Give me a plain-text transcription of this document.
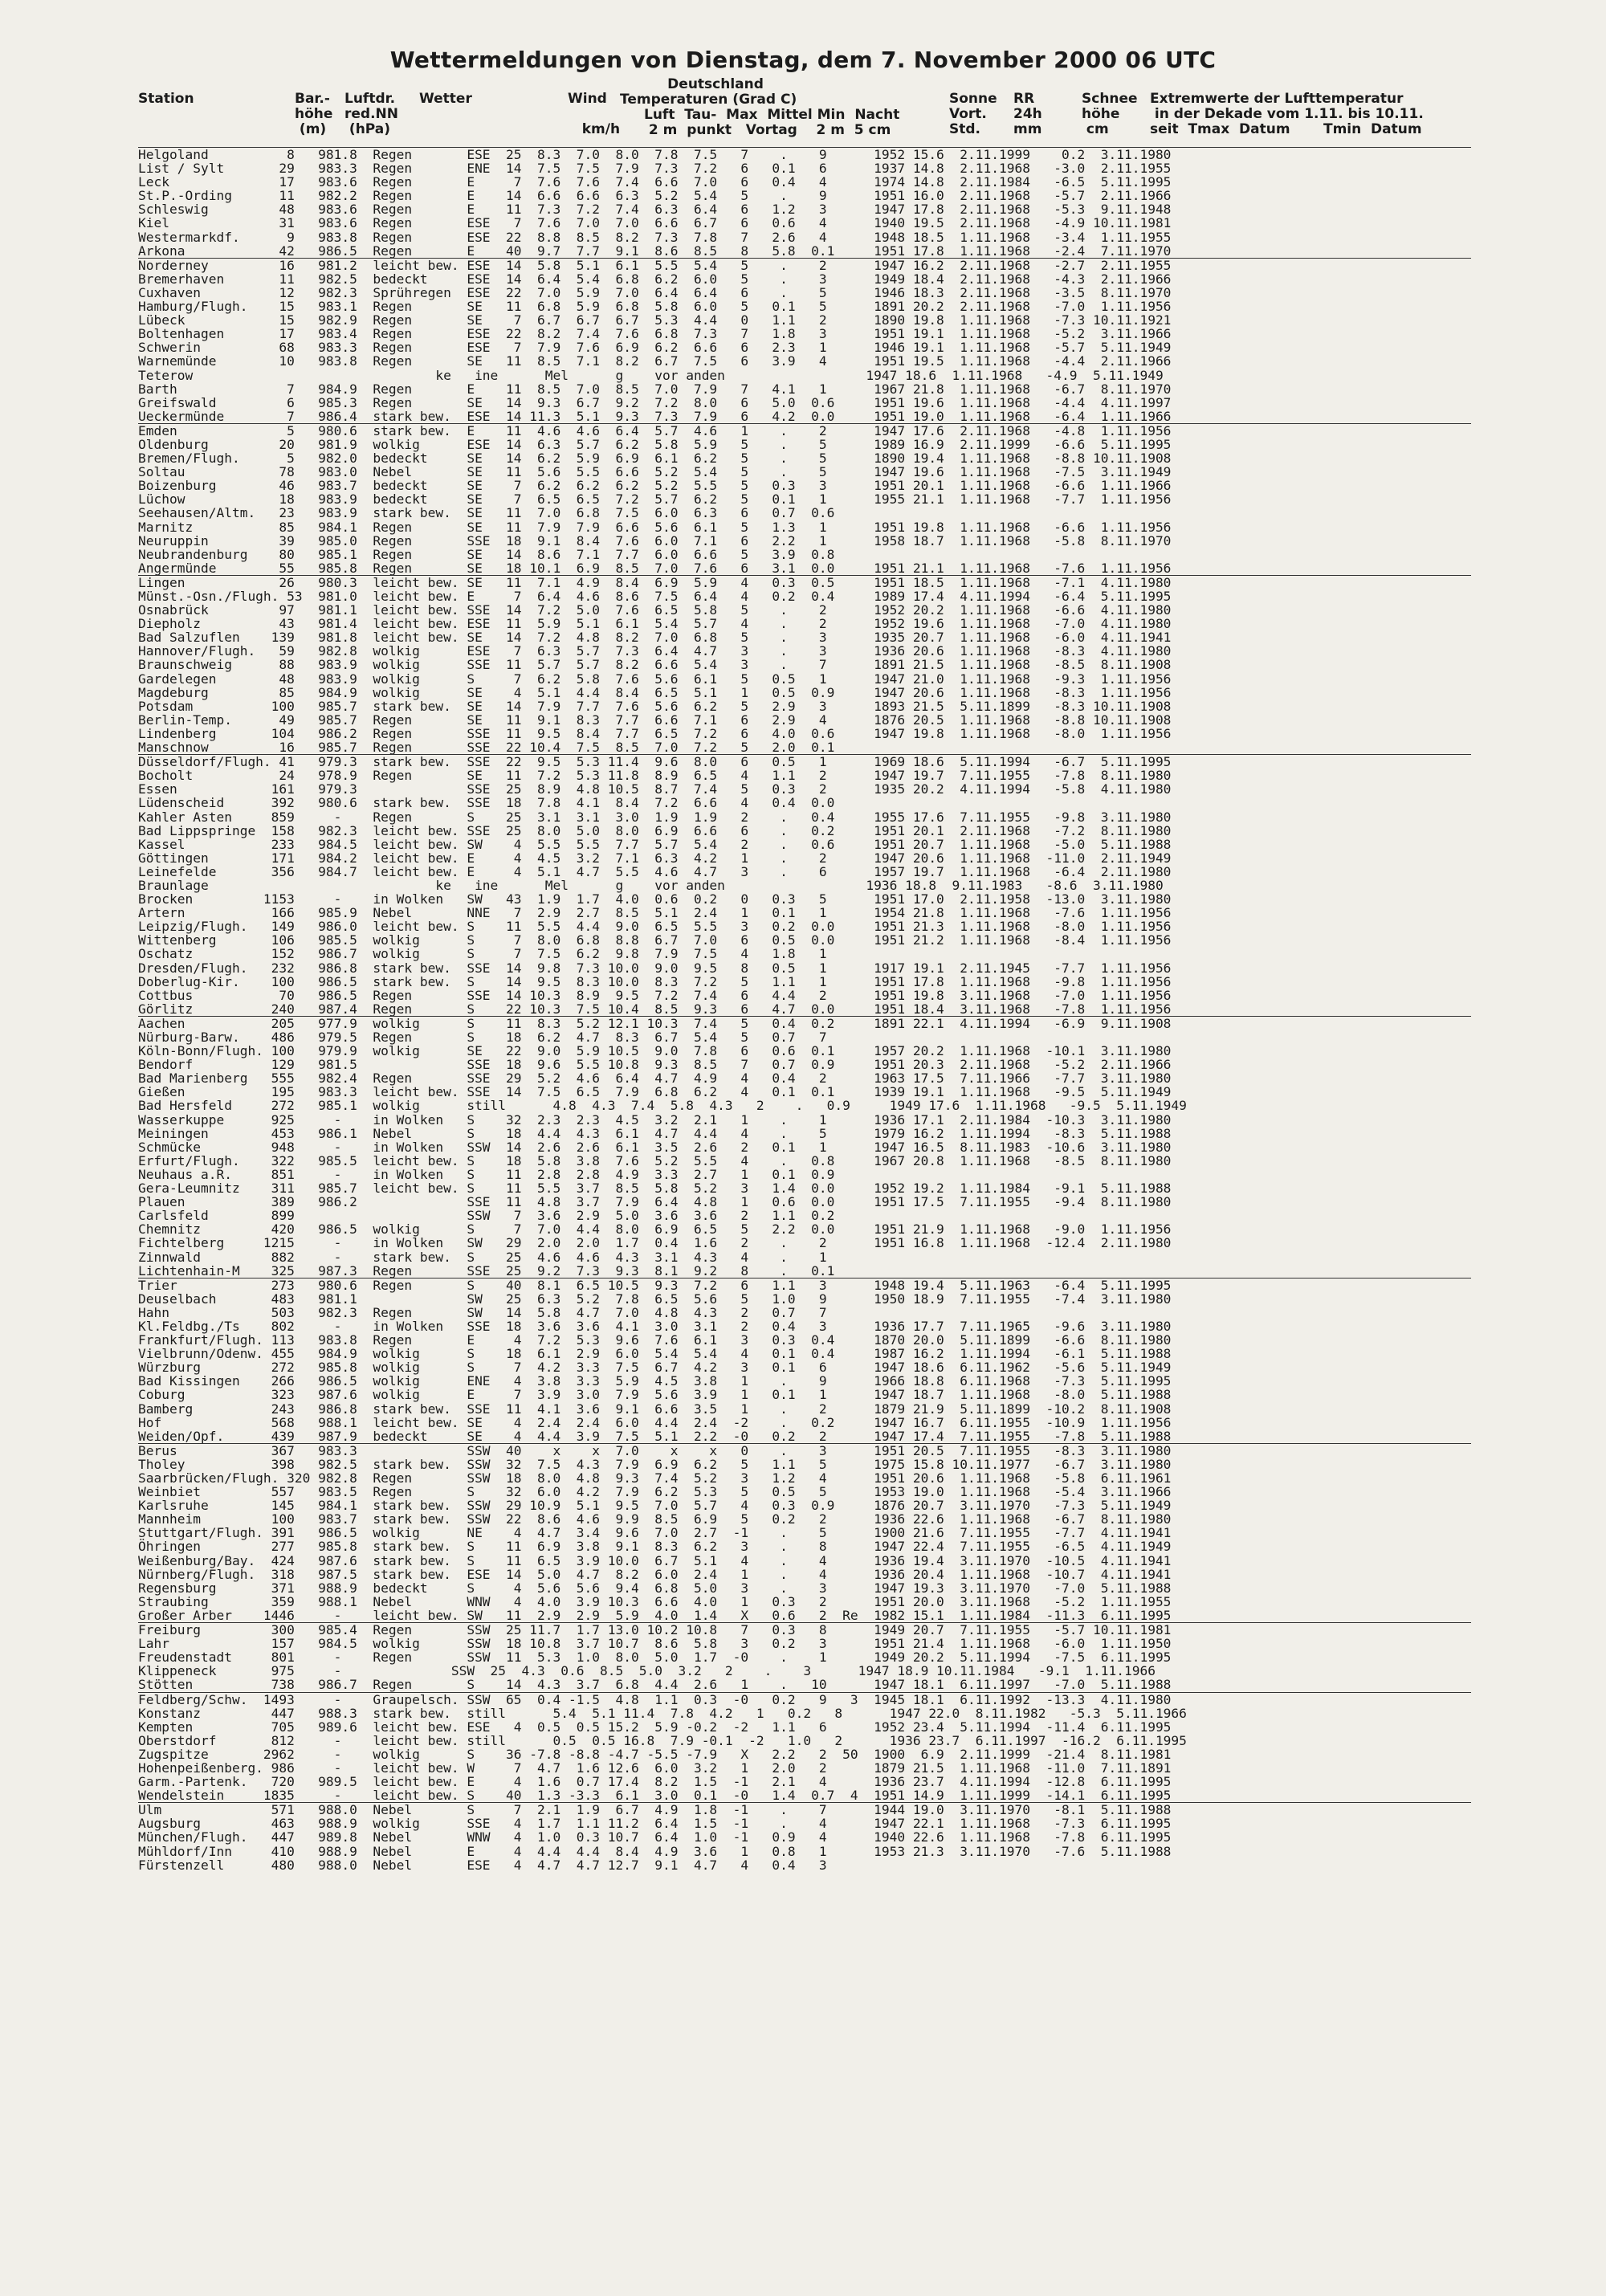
Wettermeldungen von Dienstag, dem 7. November 2000 06 UTC
Station	Bar.-
höhe
(m)
Luftdr.
red.NN
(hPa)
Wetter	Wind

km/h
Deutschland
Temperaturen (Grad C)
Luft  Tau-  Max  Mittel Min  Nacht
2 m  punkt   Vortag    2 m  5 cm
Sonne
Vort.
Std.
RR
24h
mm
Schnee
höhe
cm
Extremwerte der Lufttemperatur
in der Dekade vom 1.11. bis 10.11.
seit  Tmax  Datum       Tmin  Datum
Helgoland          8   981.8  Regen       ESE  25  8.3  7.0  8.0  7.8  7.5   7    .    9      1952 15.6  2.11.1999    0.2  3.11.1980
List / Sylt       29   983.3  Regen       ENE  14  7.5  7.5  7.9  7.3  7.2   6   0.1   6      1937 14.8  2.11.1968   -3.0  2.11.1955
Leck              17   983.6  Regen       E     7  7.6  7.6  7.4  6.6  7.0   6   0.4   4      1974 14.8  2.11.1984   -6.5  5.11.1995
St.P.-Ording      11   982.2  Regen       E    14  6.6  6.6  6.3  5.2  5.4   5    .    9      1951 16.0  2.11.1968   -5.7  2.11.1966
Schleswig         48   983.6  Regen       E    11  7.3  7.2  7.4  6.3  6.4   6   1.2   3      1947 17.8  2.11.1968   -5.3  9.11.1948
Kiel              31   983.6  Regen       ESE   7  7.6  7.0  7.0  6.6  6.7   6   0.6   4      1940 19.5  2.11.1968   -4.9 10.11.1981
Westermarkdf.      9   983.8  Regen       ESE  22  8.8  8.5  8.2  7.3  7.8   7   2.6   4      1948 18.5  1.11.1968   -3.4  1.11.1955
Arkona            42   986.5  Regen       E    40  9.7  7.7  9.1  8.6  8.5   8   5.8  0.1     1951 17.8  1.11.1968   -2.4  7.11.1970
Norderney         16   981.2  leicht bew. ESE  14  5.8  5.1  6.1  5.5  5.4   5    .    2      1947 16.2  2.11.1968   -2.7  2.11.1955
Bremerhaven       11   982.5  bedeckt     ESE  14  6.4  5.4  6.8  6.2  6.0   5    .    3      1949 18.4  2.11.1968   -4.3  2.11.1966
Cuxhaven          12   982.3  Sprühregen  ESE  22  7.0  5.9  7.0  6.4  6.4   6    .    5      1946 18.3  2.11.1968   -3.5  8.11.1970
Hamburg/Flugh.    15   983.1  Regen       SE   11  6.8  5.9  6.8  5.8  6.0   5   0.1   5      1891 20.2  2.11.1968   -7.0  1.11.1956
Lübeck            15   982.9  Regen       SE    7  6.7  6.7  6.7  5.3  4.4   0   1.1   2      1890 19.8  1.11.1968   -7.3 10.11.1921
Boltenhagen       17   983.4  Regen       ESE  22  8.2  7.4  7.6  6.8  7.3   7   1.8   3      1951 19.1  1.11.1968   -5.2  3.11.1966
Schwerin          68   983.3  Regen       ESE   7  7.9  7.6  6.9  6.2  6.6   6   2.3   1      1946 19.1  1.11.1968   -5.7  5.11.1949
Warnemünde        10   983.8  Regen       SE   11  8.5  7.1  8.2  6.7  7.5   6   3.9   4      1951 19.5  1.11.1968   -4.4  2.11.1966
Teterow                               ke   ine      Mel      g    vor anden                  1947 18.6  1.11.1968   -4.9  5.11.1949
Barth              7   984.9  Regen       E    11  8.5  7.0  8.5  7.0  7.9   7   4.1   1      1967 21.8  1.11.1968   -6.7  8.11.1970
Greifswald         6   985.3  Regen       SE   14  9.3  6.7  9.2  7.2  8.0   6   5.0  0.6     1951 19.6  1.11.1968   -4.4  4.11.1997
Ueckermünde        7   986.4  stark bew.  ESE  14 11.3  5.1  9.3  7.3  7.9   6   4.2  0.0     1951 19.0  1.11.1968   -6.4  1.11.1966
Emden              5   980.6  stark bew.  E    11  4.6  4.6  6.4  5.7  4.6   1    .    2      1947 17.6  2.11.1968   -4.8  1.11.1956
Oldenburg         20   981.9  wolkig      ESE  14  6.3  5.7  6.2  5.8  5.9   5    .    5      1989 16.9  2.11.1999   -6.6  5.11.1995
Bremen/Flugh.      5   982.0  bedeckt     SE   14  6.2  5.9  6.9  6.1  6.2   5    .    5      1890 19.4  1.11.1968   -8.8 10.11.1908
Soltau            78   983.0  Nebel       SE   11  5.6  5.5  6.6  5.2  5.4   5    .    5      1947 19.6  1.11.1968   -7.5  3.11.1949
Boizenburg        46   983.7  bedeckt     SE    7  6.2  6.2  6.2  5.2  5.5   5   0.3   3      1951 20.1  1.11.1968   -6.6  1.11.1966
Lüchow            18   983.9  bedeckt     SE    7  6.5  6.5  7.2  5.7  6.2   5   0.1   1      1955 21.1  1.11.1968   -7.7  1.11.1956
Seehausen/Altm.   23   983.9  stark bew.  SE   11  7.0  6.8  7.5  6.0  6.3   6   0.7  0.6
Marnitz           85   984.1  Regen       SE   11  7.9  7.9  6.6  5.6  6.1   5   1.3   1      1951 19.8  1.11.1968   -6.6  1.11.1956
Neuruppin         39   985.0  Regen       SSE  18  9.1  8.4  7.6  6.0  7.1   6   2.2   1      1958 18.7  1.11.1968   -5.8  8.11.1970
Neubrandenburg    80   985.1  Regen       SE   14  8.6  7.1  7.7  6.0  6.6   5   3.9  0.8
Angermünde        55   985.8  Regen       SE   18 10.1  6.9  8.5  7.0  7.6   6   3.1  0.0     1951 21.1  1.11.1968   -7.6  1.11.1956
Lingen            26   980.3  leicht bew. SE   11  7.1  4.9  8.4  6.9  5.9   4   0.3  0.5     1951 18.5  1.11.1968   -7.1  4.11.1980
Münst.-Osn./Flugh. 53  981.0  leicht bew. E     7  6.4  4.6  8.6  7.5  6.4   4   0.2  0.4     1989 17.4  4.11.1994   -6.4  5.11.1995
Osnabrück         97   981.1  leicht bew. SSE  14  7.2  5.0  7.6  6.5  5.8   5    .    2      1952 20.2  1.11.1968   -6.6  4.11.1980
Diepholz          43   981.4  leicht bew. ESE  11  5.9  5.1  6.1  5.4  5.7   4    .    2      1952 19.6  1.11.1968   -7.0  4.11.1980
Bad Salzuflen    139   981.8  leicht bew. SE   14  7.2  4.8  8.2  7.0  6.8   5    .    3      1935 20.7  1.11.1968   -6.0  4.11.1941
Hannover/Flugh.   59   982.8  wolkig      ESE   7  6.3  5.7  7.3  6.4  4.7   3    .    3      1936 20.6  1.11.1968   -8.3  4.11.1980
Braunschweig      88   983.9  wolkig      SSE  11  5.7  5.7  8.2  6.6  5.4   3    .    7      1891 21.5  1.11.1968   -8.5  8.11.1908
Gardelegen        48   983.9  wolkig      S     7  6.2  5.8  7.6  5.6  6.1   5   0.5   1      1947 21.0  1.11.1968   -9.3  1.11.1956
Magdeburg         85   984.9  wolkig      SE    4  5.1  4.4  8.4  6.5  5.1   1   0.5  0.9     1947 20.6  1.11.1968   -8.3  1.11.1956
Potsdam          100   985.7  stark bew.  SE   14  7.9  7.7  7.6  5.6  6.2   5   2.9   3      1893 21.5  5.11.1899   -8.3 10.11.1908
Berlin-Temp.      49   985.7  Regen       SE   11  9.1  8.3  7.7  6.6  7.1   6   2.9   4      1876 20.5  1.11.1968   -8.8 10.11.1908
Lindenberg       104   986.2  Regen       SSE  11  9.5  8.4  7.7  6.5  7.2   6   4.0  0.6     1947 19.8  1.11.1968   -8.0  1.11.1956
Manschnow         16   985.7  Regen       SSE  22 10.4  7.5  8.5  7.0  7.2   5   2.0  0.1
Düsseldorf/Flugh. 41   979.3  stark bew.  SSE  22  9.5  5.3 11.4  9.6  8.0   6   0.5   1      1969 18.6  5.11.1994   -6.7  5.11.1995
Bocholt           24   978.9  Regen       SE   11  7.2  5.3 11.8  8.9  6.5   4   1.1   2      1947 19.7  7.11.1955   -7.8  8.11.1980
Essen            161   979.3              SSE  25  8.9  4.8 10.5  8.7  7.4   5   0.3   2      1935 20.2  4.11.1994   -5.8  4.11.1980
Lüdenscheid      392   980.6  stark bew.  SSE  18  7.8  4.1  8.4  7.2  6.6   4   0.4  0.0
Kahler Asten     859     -    Regen       S    25  3.1  3.1  3.0  1.9  1.9   2    .   0.4     1955 17.6  7.11.1955   -9.8  3.11.1980
Bad Lippspringe  158   982.3  leicht bew. SSE  25  8.0  5.0  8.0  6.9  6.6   6    .   0.2     1951 20.1  2.11.1968   -7.2  8.11.1980
Kassel           233   984.5  leicht bew. SW    4  5.5  5.5  7.7  5.7  5.4   2    .   0.6     1951 20.7  1.11.1968   -5.0  5.11.1988
Göttingen        171   984.2  leicht bew. E     4  4.5  3.2  7.1  6.3  4.2   1    .    2      1947 20.6  1.11.1968  -11.0  2.11.1949
Leinefelde       356   984.7  leicht bew. E     4  5.1  4.7  5.5  4.6  4.7   3    .    6      1957 19.7  1.11.1968   -6.4  2.11.1980
Braunlage                             ke   ine      Mel      g    vor anden                  1936 18.8  9.11.1983   -8.6  3.11.1980
Brocken         1153     -    in Wolken   SW   43  1.9  1.7  4.0  0.6  0.2   0   0.3   5      1951 17.0  2.11.1958  -13.0  3.11.1980
Artern           166   985.9  Nebel       NNE   7  2.9  2.7  8.5  5.1  2.4   1   0.1   1      1954 21.8  1.11.1968   -7.6  1.11.1956
Leipzig/Flugh.   149   986.0  leicht bew. S    11  5.5  4.4  9.0  6.5  5.5   3   0.2  0.0     1951 21.3  1.11.1968   -8.0  1.11.1956
Wittenberg       106   985.5  wolkig      S     7  8.0  6.8  8.8  6.7  7.0   6   0.5  0.0     1951 21.2  1.11.1968   -8.4  1.11.1956
Oschatz          152   986.7  wolkig      S     7  7.5  6.2  9.8  7.9  7.5   4   1.8   1
Dresden/Flugh.   232   986.8  stark bew.  SSE  14  9.8  7.3 10.0  9.0  9.5   8   0.5   1      1917 19.1  2.11.1945   -7.7  1.11.1956
Doberlug-Kir.    100   986.5  stark bew.  S    14  9.5  8.3 10.0  8.3  7.2   5   1.1   1      1951 17.8  1.11.1968   -9.8  1.11.1956
Cottbus           70   986.5  Regen       SSE  14 10.3  8.9  9.5  7.2  7.4   6   4.4   2      1951 19.8  3.11.1968   -7.0  1.11.1956
Görlitz          240   987.4  Regen       S    22 10.3  7.5 10.4  8.5  9.3   6   4.7  0.0     1951 18.4  3.11.1968   -7.8  1.11.1956
Aachen           205   977.9  wolkig      S    11  8.3  5.2 12.1 10.3  7.4   5   0.4  0.2     1891 22.1  4.11.1994   -6.9  9.11.1908
Nürburg-Barw.    486   979.5  Regen       S    18  6.2  4.7  8.3  6.7  5.4   5   0.7   7
Köln-Bonn/Flugh. 100   979.9  wolkig      SE   22  9.0  5.9 10.5  9.0  7.8   6   0.6  0.1     1957 20.2  1.11.1968  -10.1  3.11.1980
Bendorf          129   981.5              SSE  18  9.6  5.5 10.8  9.3  8.5   7   0.7  0.9     1951 20.3  2.11.1968   -5.2  2.11.1966
Bad Marienberg   555   982.4  Regen       SSE  29  5.2  4.6  6.4  4.7  4.9   4   0.4   2      1963 17.5  7.11.1966   -7.7  3.11.1980
Gießen           195   983.3  leicht bew. SSE  14  7.5  6.5  7.9  6.8  6.2   4   0.1  0.1     1939 19.1  1.11.1968   -9.5  5.11.1949
Bad Hersfeld     272   985.1  wolkig      still      4.8  4.3  7.4  5.8  4.3   2    .   0.9     1949 17.6  1.11.1968   -9.5  5.11.1949
Wasserkuppe      925     -    in Wolken   S    32  2.3  2.3  4.5  3.2  2.1   1    .    1      1936 17.1  2.11.1984  -10.3  3.11.1980
Meiningen        453   986.1  Nebel       S    18  4.4  4.3  6.1  4.7  4.4   4    .    5      1979 16.2  1.11.1994   -8.3  5.11.1988
Schmücke         948     -    in Wolken   SSW  14  2.6  2.6  6.1  3.5  2.6   2   0.1   1      1947 16.5  8.11.1983  -10.6  3.11.1980
Erfurt/Flugh.    322   985.5  leicht bew. S    18  5.8  3.8  7.6  5.2  5.5   4    .   0.8     1967 20.8  1.11.1968   -8.5  8.11.1980
Neuhaus a.R.     851     -    in Wolken   S    11  2.8  2.8  4.9  3.3  2.7   1   0.1  0.9
Gera-Leumnitz    311   985.7  leicht bew. S    11  5.5  3.7  8.5  5.8  5.2   3   1.4  0.0     1952 19.2  1.11.1984   -9.1  5.11.1988
Plauen           389   986.2              SSE  11  4.8  3.7  7.9  6.4  4.8   1   0.6  0.0     1951 17.5  7.11.1955   -9.4  8.11.1980
Carlsfeld        899                      SSW   7  3.6  2.9  5.0  3.6  3.6   2   1.1  0.2
Chemnitz         420   986.5  wolkig      S     7  7.0  4.4  8.0  6.9  6.5   5   2.2  0.0     1951 21.9  1.11.1968   -9.0  1.11.1956
Fichtelberg     1215     -    in Wolken   SW   29  2.0  2.0  1.7  0.4  1.6   2    .    2      1951 16.8  1.11.1968  -12.4  2.11.1980
Zinnwald         882     -    stark bew.  S    25  4.6  4.6  4.3  3.1  4.3   4    .    1
Lichtenhain-M    325   987.3  Regen       SSE  25  9.2  7.3  9.3  8.1  9.2   8    .   0.1
Trier            273   980.6  Regen       S    40  8.1  6.5 10.5  9.3  7.2   6   1.1   3      1948 19.4  5.11.1963   -6.4  5.11.1995
Deuselbach       483   981.1              SW   25  6.3  5.2  7.8  6.5  5.6   5   1.0   9      1950 18.9  7.11.1955   -7.4  3.11.1980
Hahn             503   982.3  Regen       SW   14  5.8  4.7  7.0  4.8  4.3   2   0.7   7
Kl.Feldbg./Ts    802     -    in Wolken   SSE  18  3.6  3.6  4.1  3.0  3.1   2   0.4   3      1936 17.7  7.11.1965   -9.6  3.11.1980
Frankfurt/Flugh. 113   983.8  Regen       E     4  7.2  5.3  9.6  7.6  6.1   3   0.3  0.4     1870 20.0  5.11.1899   -6.6  8.11.1980
Vielbrunn/Odenw. 455   984.9  wolkig      S    18  6.1  2.9  6.0  5.4  5.4   4   0.1  0.4     1987 16.2  1.11.1994   -6.1  5.11.1988
Würzburg         272   985.8  wolkig      S     7  4.2  3.3  7.5  6.7  4.2   3   0.1   6      1947 18.6  6.11.1962   -5.6  5.11.1949
Bad Kissingen    266   986.5  wolkig      ENE   4  3.8  3.3  5.9  4.5  3.8   1    .    9      1966 18.8  6.11.1968   -7.3  5.11.1995
Coburg           323   987.6  wolkig      E     7  3.9  3.0  7.9  5.6  3.9   1   0.1   1      1947 18.7  1.11.1968   -8.0  5.11.1988
Bamberg          243   986.8  stark bew.  SSE  11  4.1  3.6  9.1  6.6  3.5   1    .    2      1879 21.9  5.11.1899  -10.2  8.11.1908
Hof              568   988.1  leicht bew. SE    4  2.4  2.4  6.0  4.4  2.4  -2    .   0.2     1947 16.7  6.11.1955  -10.9  1.11.1956
Weiden/Opf.      439   987.9  bedeckt     SE    4  4.4  3.9  7.5  5.1  2.2  -0   0.2   2      1947 17.4  7.11.1955   -7.8  5.11.1988
Berus            367   983.3              SSW  40    x    x  7.0    x    x   0    .    3      1951 20.5  7.11.1955   -8.3  3.11.1980
Tholey           398   982.5  stark bew.  SSW  32  7.5  4.3  7.9  6.9  6.2   5   1.1   5      1975 15.8 10.11.1977   -6.7  3.11.1980
Saarbrücken/Flugh. 320 982.8  Regen       SSW  18  8.0  4.8  9.3  7.4  5.2   3   1.2   4      1951 20.6  1.11.1968   -5.8  6.11.1961
Weinbiet         557   983.5  Regen       S    32  6.0  4.2  7.9  6.2  5.3   5   0.5   5      1953 19.0  1.11.1968   -5.4  3.11.1966
Karlsruhe        145   984.1  stark bew.  SSW  29 10.9  5.1  9.5  7.0  5.7   4   0.3  0.9     1876 20.7  3.11.1970   -7.3  5.11.1949
Mannheim         100   983.7  stark bew.  SSW  22  8.6  4.6  9.9  8.5  6.9   5   0.2   2      1936 22.6  1.11.1968   -6.7  8.11.1980
Stuttgart/Flugh. 391   986.5  wolkig      NE    4  4.7  3.4  9.6  7.0  2.7  -1    .    5      1900 21.6  7.11.1955   -7.7  4.11.1941
Öhringen         277   985.8  stark bew.  S    11  6.9  3.8  9.1  8.3  6.2   3    .    8      1947 22.4  7.11.1955   -6.5  4.11.1949
Weißenburg/Bay.  424   987.6  stark bew.  S    11  6.5  3.9 10.0  6.7  5.1   4    .    4      1936 19.4  3.11.1970  -10.5  4.11.1941
Nürnberg/Flugh.  318   987.5  stark bew.  ESE  14  5.0  4.7  8.2  6.0  2.4   1    .    4      1936 20.4  1.11.1968  -10.7  4.11.1941
Regensburg       371   988.9  bedeckt     S     4  5.6  5.6  9.4  6.8  5.0   3    .    3      1947 19.3  3.11.1970   -7.0  5.11.1988
Straubing        359   988.1  Nebel       WNW   4  4.0  3.9 10.3  6.6  4.0   1   0.3   2      1951 20.0  3.11.1968   -5.2  1.11.1955
Großer Arber    1446     -    leicht bew. SW   11  2.9  2.9  5.9  4.0  1.4   X   0.6   2  Re  1982 15.1  1.11.1984  -11.3  6.11.1995
Freiburg         300   985.4  Regen       SSW  25 11.7  1.7 13.0 10.2 10.8   7   0.3   8      1949 20.7  7.11.1955   -5.7 10.11.1981
Lahr             157   984.5  wolkig      SSW  18 10.8  3.7 10.7  8.6  5.8   3   0.2   3      1951 21.4  1.11.1968   -6.0  1.11.1950
Freudenstadt     801     -    Regen       SSW  11  5.3  1.0  8.0  5.0  1.7  -0    .    1      1949 20.2  5.11.1994   -7.5  6.11.1995
Klippeneck       975     -              SSW  25  4.3  0.6  8.5  5.0  3.2   2    .    3      1947 18.9 10.11.1984   -9.1  1.11.1966
Stötten          738   986.7  Regen       S    14  4.3  3.7  6.8  4.4  2.6   1    .   10      1947 18.1  6.11.1997   -7.0  5.11.1988
Feldberg/Schw.  1493     -    Graupelsch. SSW  65  0.4 -1.5  4.8  1.1  0.3  -0   0.2   9   3  1945 18.1  6.11.1992  -13.3  4.11.1980
Konstanz         447   988.3  stark bew.  still      5.4  5.1 11.4  7.8  4.2   1   0.2   8      1947 22.0  8.11.1982   -5.3  5.11.1966
Kempten          705   989.6  leicht bew. ESE   4  0.5  0.5 15.2  5.9 -0.2  -2   1.1   6      1952 23.4  5.11.1994  -11.4  6.11.1995
Oberstdorf       812     -    leicht bew. still      0.5  0.5 16.8  7.9 -0.1  -2   1.0   2      1936 23.7  6.11.1997  -16.2  6.11.1995
Zugspitze       2962     -    wolkig      S    36 -7.8 -8.8 -4.7 -5.5 -7.9   X   2.2   2  50  1900  6.9  2.11.1999  -21.4  8.11.1981
Hohenpeißenberg. 986     -    leicht bew. W     7  4.7  1.6 12.6  6.0  3.2   1   2.0   2      1879 21.5  1.11.1968  -11.0  7.11.1891
Garm.-Partenk.   720   989.5  leicht bew. E     4  1.6  0.7 17.4  8.2  1.5  -1   2.1   4      1936 23.7  4.11.1994  -12.8  6.11.1995
Wendelstein     1835     -    leicht bew. S    40  1.3 -3.3  6.1  3.0  0.1  -0   1.4  0.7  4  1951 14.9  1.11.1999  -14.1  6.11.1995
Ulm              571   988.0  Nebel       S     7  2.1  1.9  6.7  4.9  1.8  -1    .    7      1944 19.0  3.11.1970   -8.1  5.11.1988
Augsburg         463   988.9  wolkig      SSE   4  1.7  1.1 11.2  6.4  1.5  -1    .    4      1947 22.1  1.11.1968   -7.3  6.11.1995
München/Flugh.   447   989.8  Nebel       WNW   4  1.0  0.3 10.7  6.4  1.0  -1   0.9   4      1940 22.6  1.11.1968   -7.8  6.11.1995
Mühldorf/Inn     410   988.9  Nebel       E     4  4.4  4.4  8.4  4.9  3.6   1   0.8   1      1953 21.3  3.11.1970   -7.6  5.11.1988
Fürstenzell      480   988.0  Nebel       ESE   4  4.7  4.7 12.7  9.1  4.7   4   0.4   3
